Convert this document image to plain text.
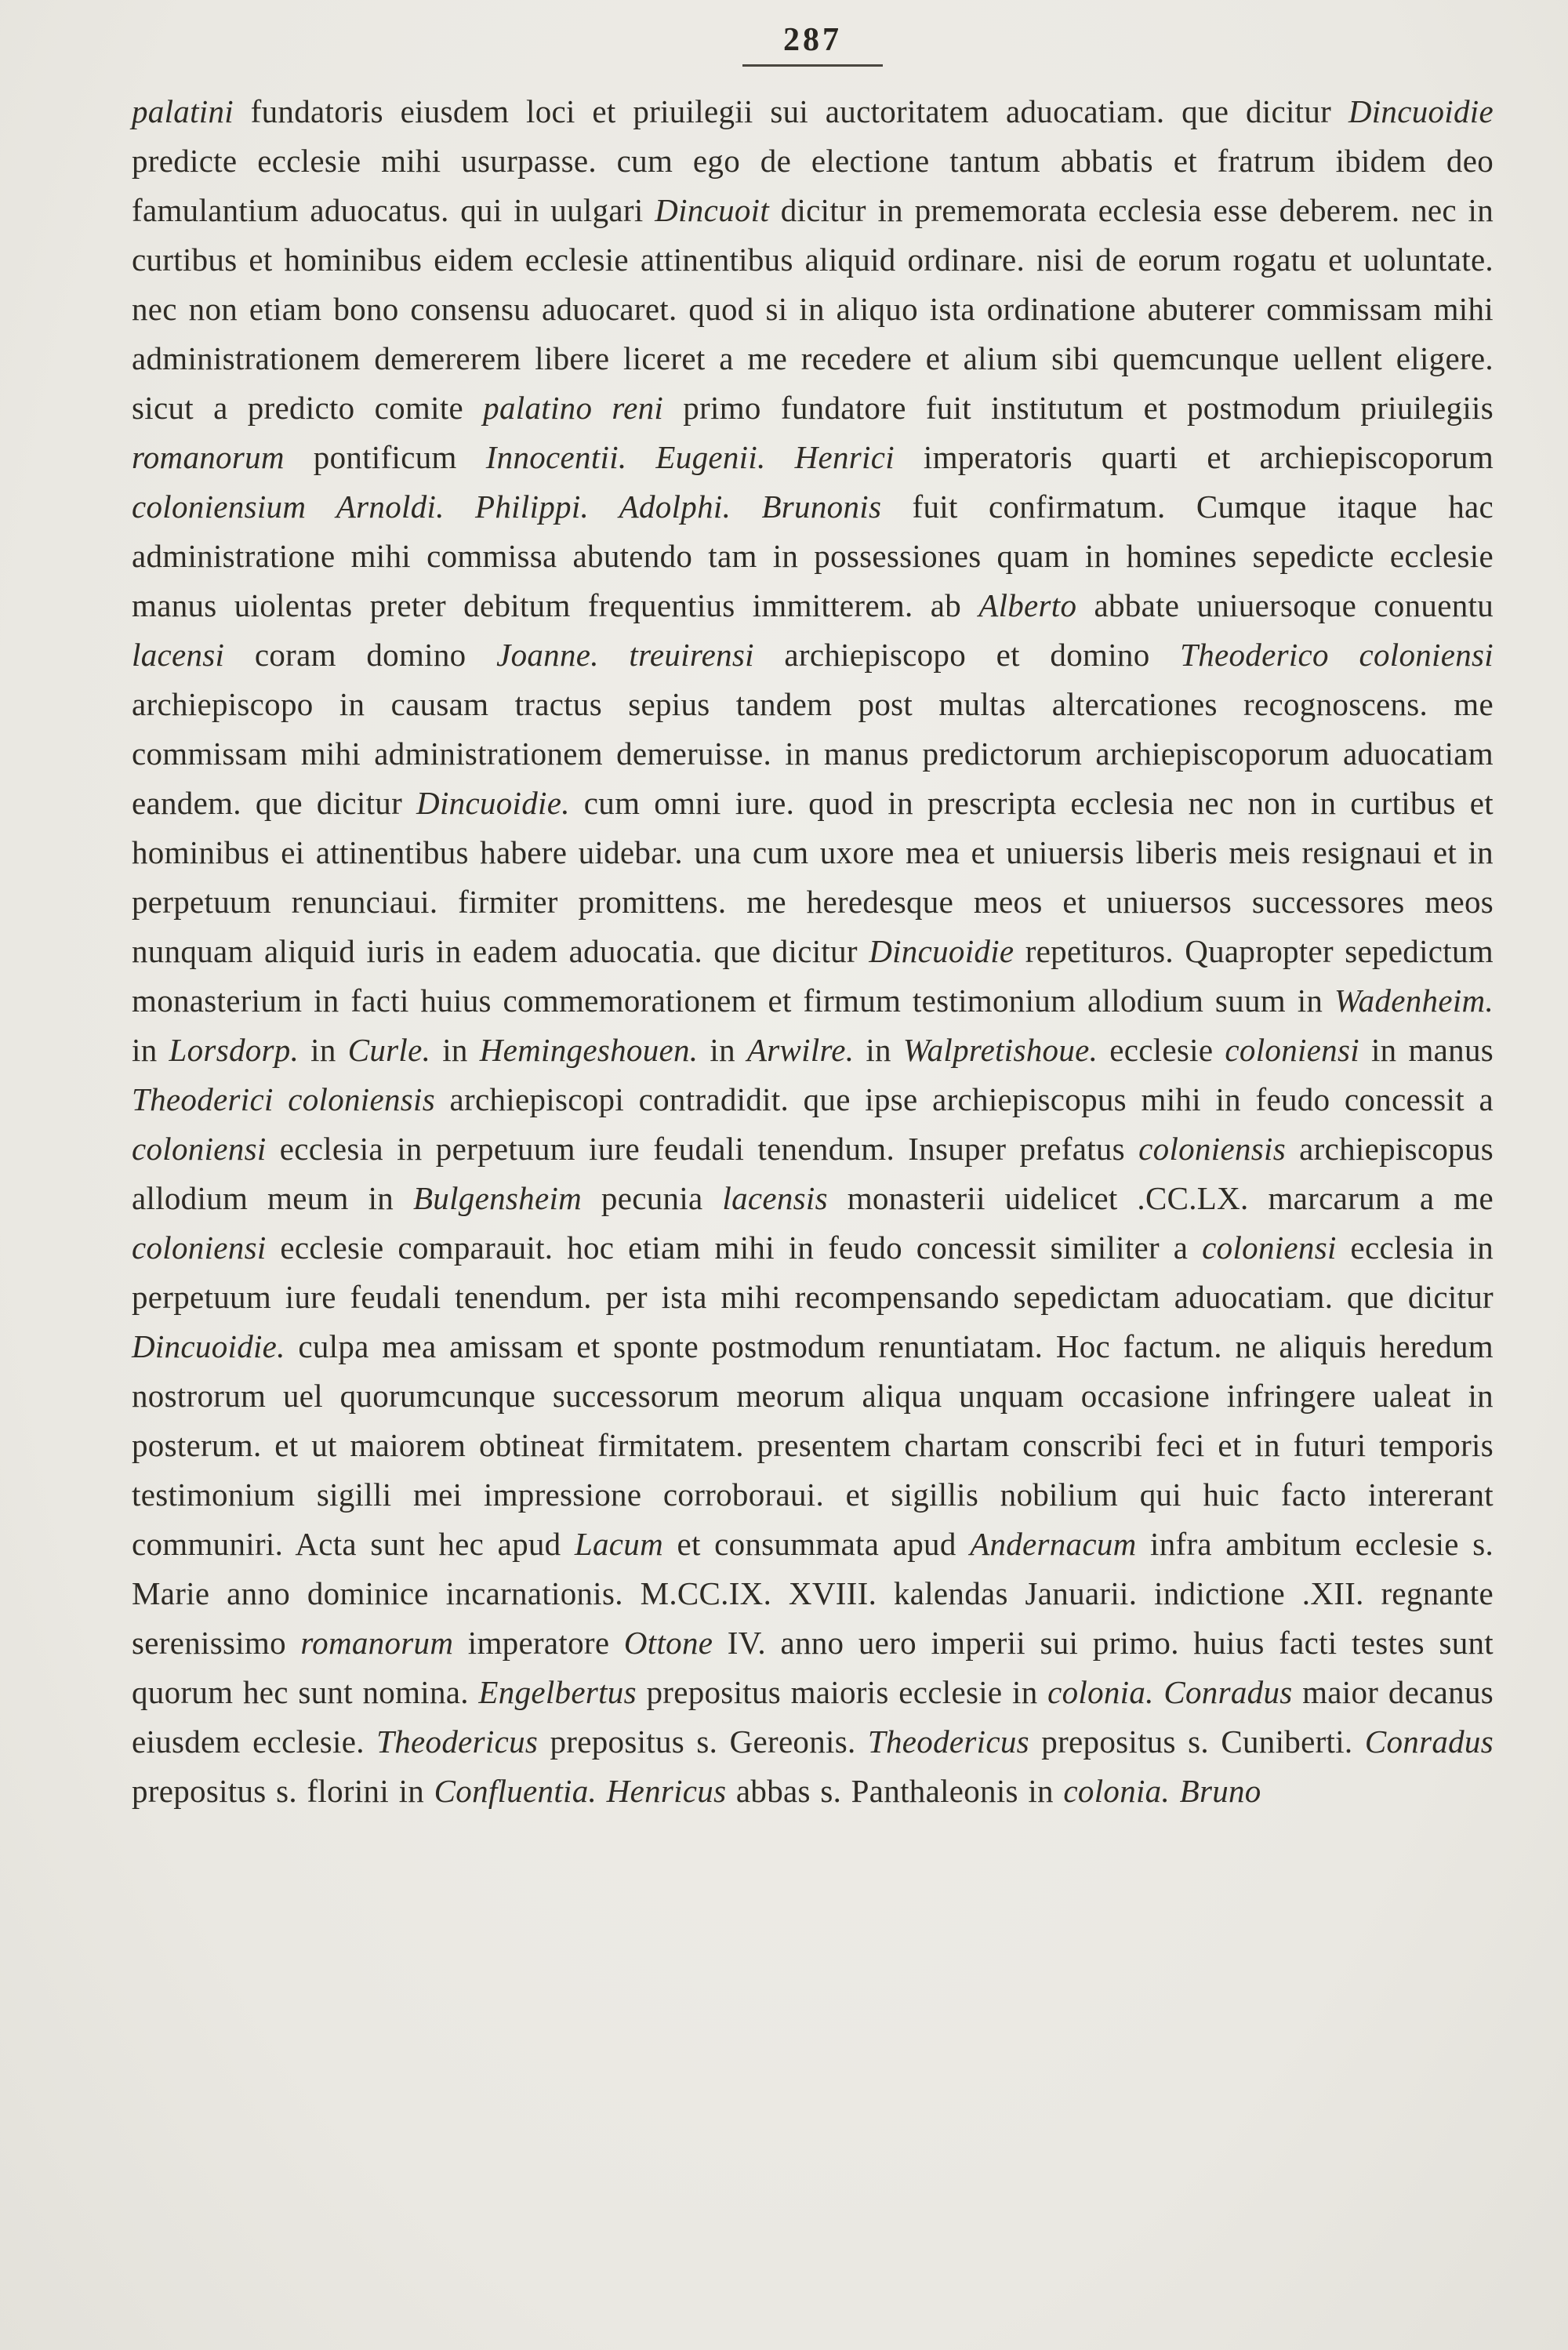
287

palatini fundatoris eiusdem loci et priuilegii sui auctoritatem aduocatiam. que dicitur Dincuoidie predicte ecclesie mihi usurpasse. cum ego de electione tantum abbatis et fratrum ibidem deo famulantium aduocatus. qui in uulgari Dincuoit dicitur in prememorata ecclesia esse deberem. nec in curtibus et hominibus eidem ecclesie attinentibus aliquid ordinare. nisi de eorum rogatu et uoluntate. nec non etiam bono consensu aduocaret. quod si in aliquo ista ordinatione abuterer commissam mihi administrationem demererem libere liceret a me recedere et alium sibi quemcunque uellent eligere. sicut a predicto comite palatino reni primo fundatore fuit institutum et postmodum priuilegiis romanorum pontificum Innocentii. Eugenii. Henrici imperatoris quarti et archiepiscoporum coloniensium Arnoldi. Philippi. Adolphi. Brunonis fuit confirmatum. Cumque itaque hac administratione mihi commissa abutendo tam in possessiones quam in homines sepedicte ecclesie manus uiolentas preter debitum frequentius immitterem. ab Alberto abbate uniuersoque conuentu lacensi coram domino Joanne. treuirensi archiepiscopo et domino Theoderico coloniensi archiepiscopo in causam tractus sepius tandem post multas altercationes recognoscens. me commissam mihi administrationem demeruisse. in manus predictorum archiepiscoporum aduocatiam eandem. que dicitur Dincuoidie. cum omni iure. quod in prescripta ecclesia nec non in curtibus et hominibus ei attinentibus habere uidebar. una cum uxore mea et uniuersis liberis meis resignaui et in perpetuum renunciaui. firmiter promittens. me heredesque meos et uniuersos successores meos nunquam aliquid iuris in eadem aduocatia. que dicitur Dincuoidie repetituros. Quapropter sepedictum monasterium in facti huius commemorationem et firmum testimonium allodium suum in Wadenheim. in Lorsdorp. in Curle. in Hemingeshouen. in Arwilre. in Walpretishoue. ecclesie coloniensi in manus Theoderici coloniensis archiepiscopi contradidit. que ipse archiepiscopus mihi in feudo concessit a coloniensi ecclesia in perpetuum iure feudali tenendum. Insuper prefatus coloniensis archiepiscopus allodium meum in Bulgensheim pecunia lacensis monasterii uidelicet .CC.LX. marcarum a me coloniensi ecclesie comparauit. hoc etiam mihi in feudo concessit similiter a coloniensi ecclesia in perpetuum iure feudali tenendum. per ista mihi recompensando sepedictam aduocatiam. que dicitur Dincuoidie. culpa mea amissam et sponte postmodum renuntiatam. Hoc factum. ne aliquis heredum nostrorum uel quorumcunque successorum meorum aliqua unquam occasione infringere ualeat in posterum. et ut maiorem obtineat firmitatem. presentem chartam conscribi feci et in futuri temporis testimonium sigilli mei impressione corroboraui. et sigillis nobilium qui huic facto intererant communiri. Acta sunt hec apud Lacum et consummata apud Andernacum infra ambitum ecclesie s. Marie anno dominice incarnationis. M.CC.IX. XVIII. kalendas Januarii. indictione .XII. regnante serenissimo romanorum imperatore Ottone IV. anno uero imperii sui primo. huius facti testes sunt quorum hec sunt nomina. Engelbertus prepositus maioris ecclesie in colonia. Conradus maior decanus eiusdem ecclesie. Theodericus prepositus s. Gereonis. Theodericus prepositus s. Cuniberti. Conradus prepositus s. florini in Confluentia. Henricus abbas s. Panthaleonis in colonia. Bruno
